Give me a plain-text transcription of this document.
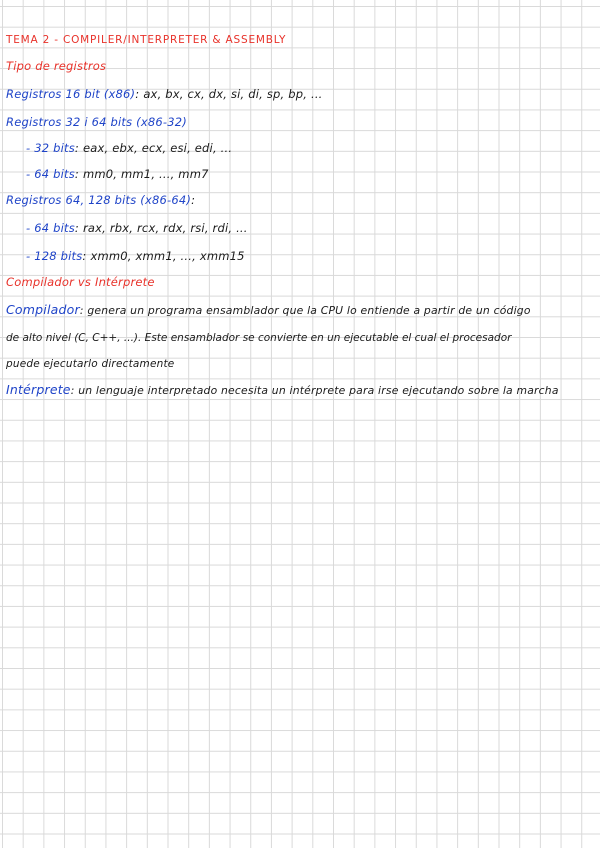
TEMA 2 - COMPILER/INTERPRETER & ASSEMBLY
Tipo de registros
Registros 16 bit (x86): ax, bx, cx, dx, si, di, sp, bp, ...
Registros 32 i 64 bits (x86-32)
- 32 bits: eax, ebx, ecx, esi, edi, ...
- 64 bits: mm0, mm1, ..., mm7
Registros 64, 128 bits (x86-64):
- 64 bits: rax, rbx, rcx, rdx, rsi, rdi, ...
- 128 bits: xmm0, xmm1, ..., xmm15
Compilador vs Intérprete
Compilador: genera un programa ensamblador que la CPU lo entiende a partir de un código
de alto nivel (C, C++, ...). Este ensamblador se convierte en un ejecutable el cual el procesador
puede ejecutarlo directamente
Intérprete: un lenguaje interpretado necesita un intérprete para irse ejecutando sobre la marcha
